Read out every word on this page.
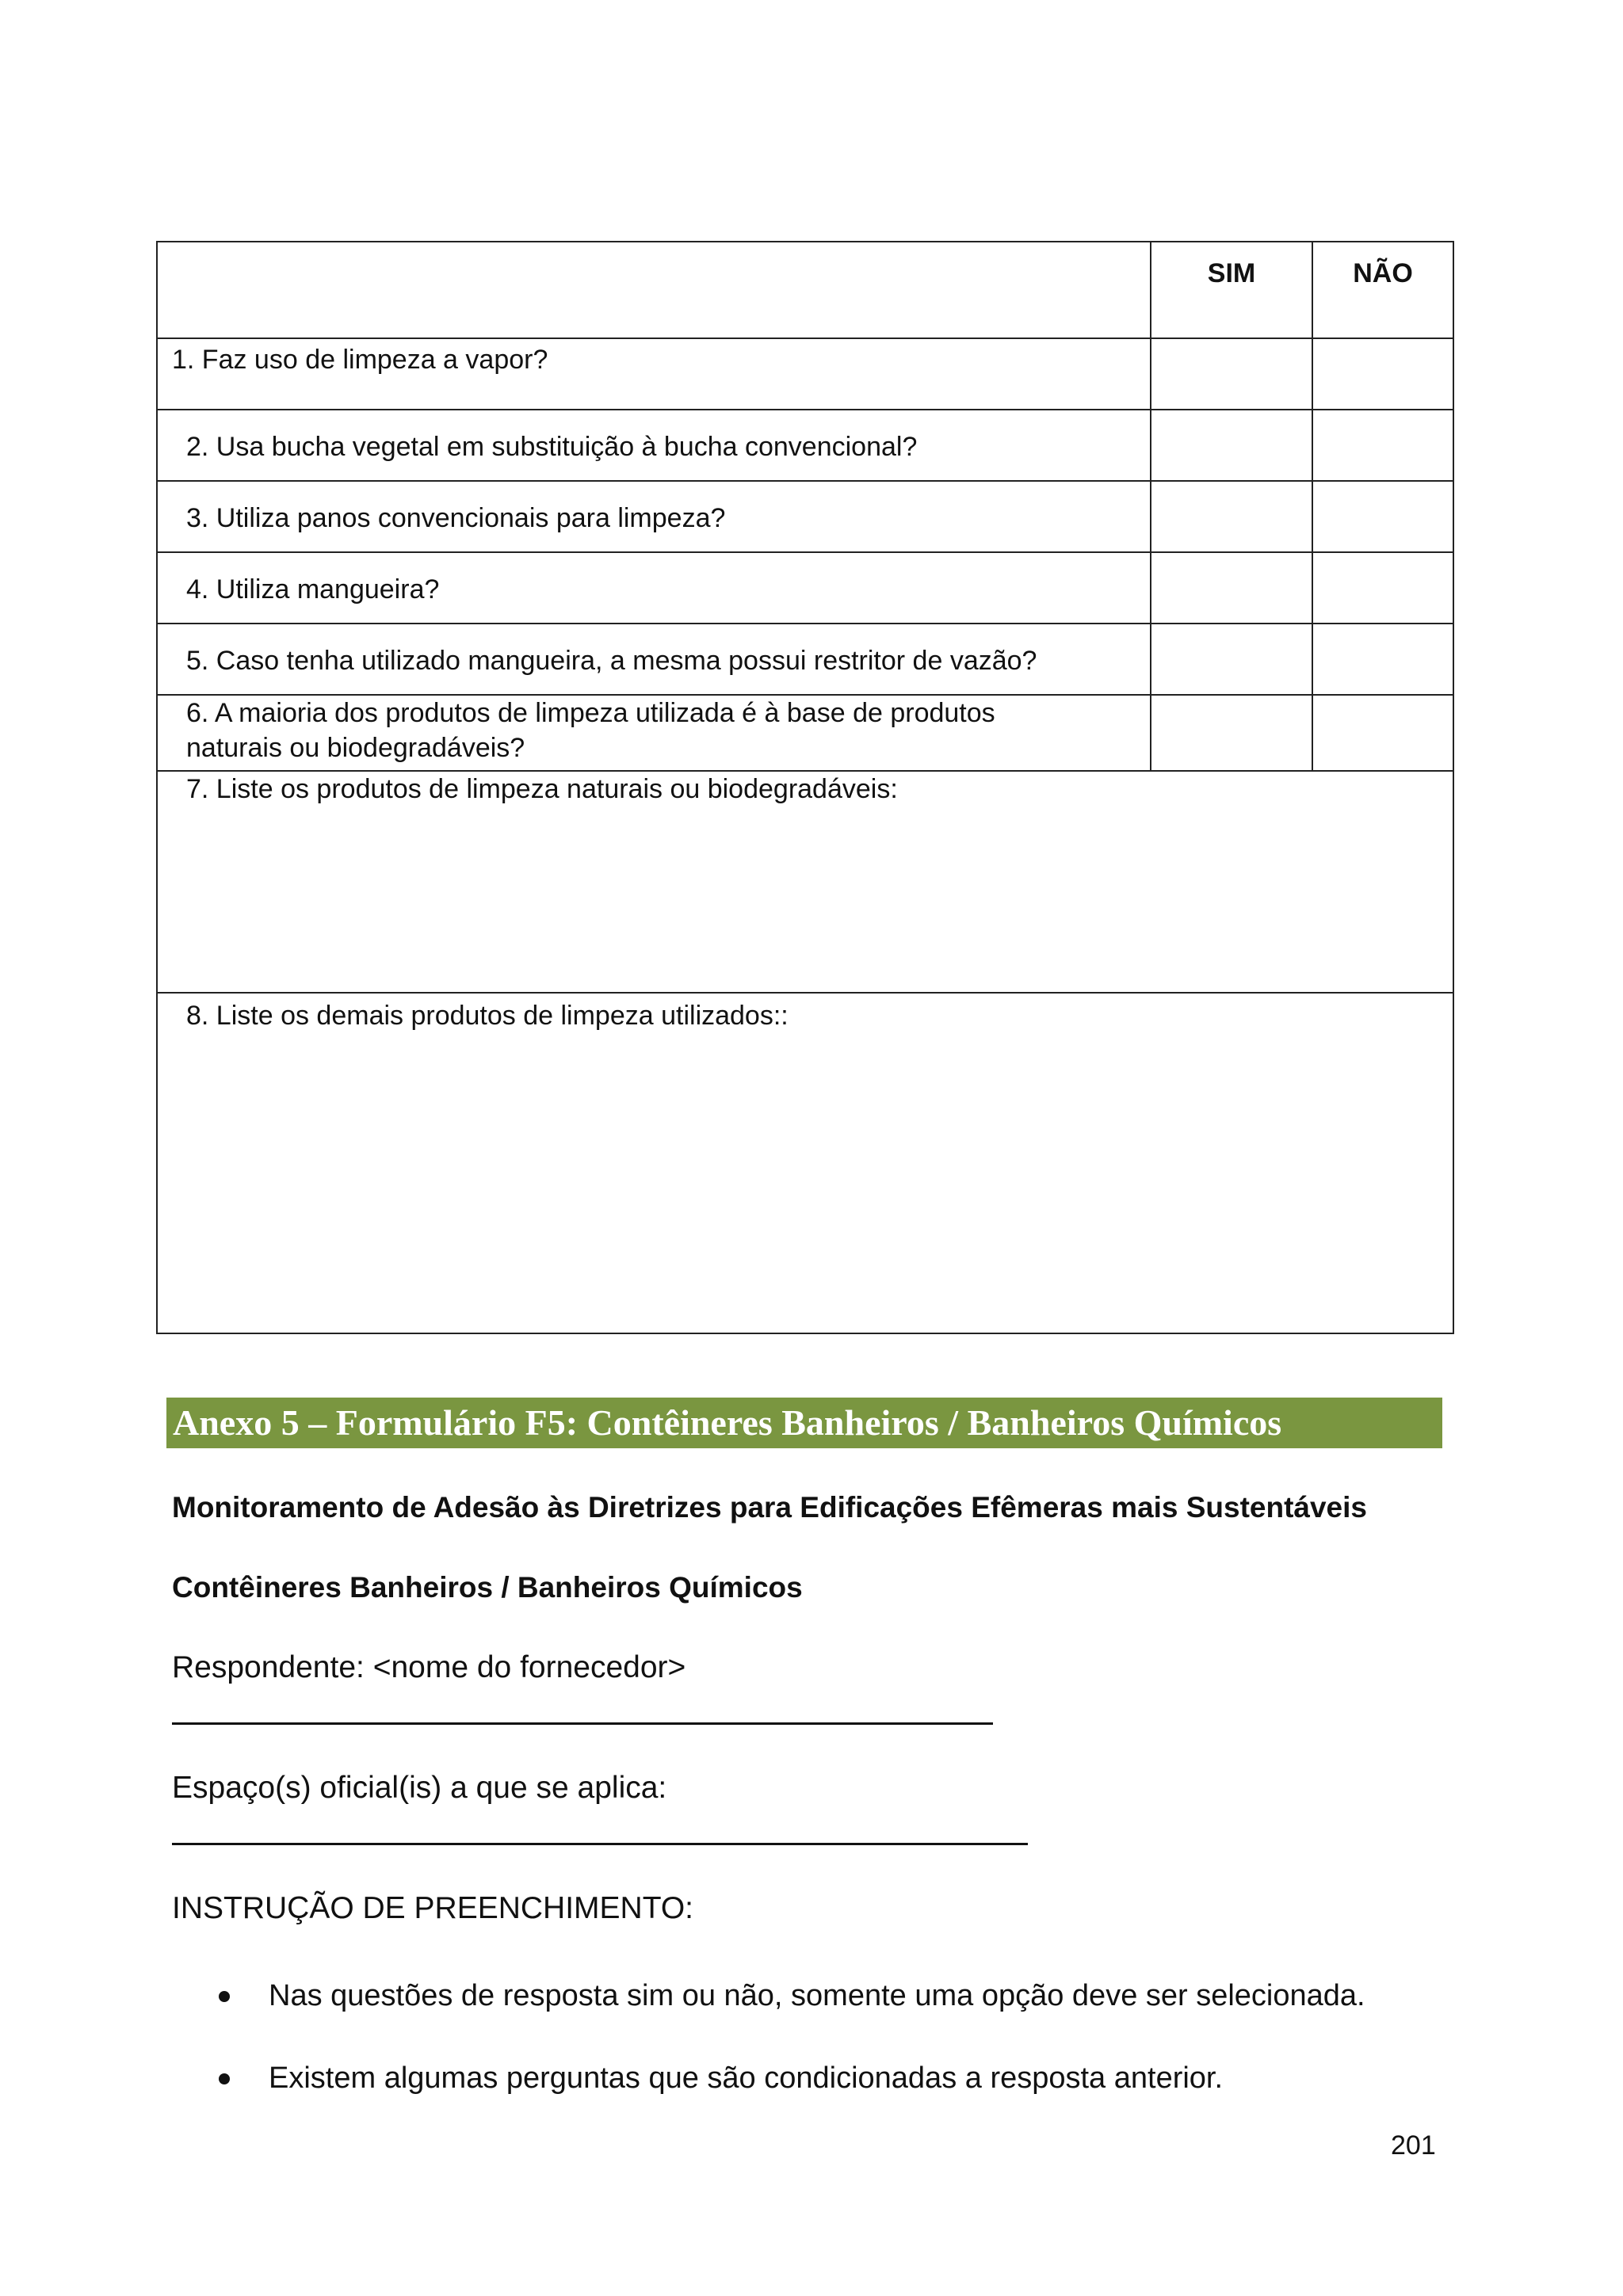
SIM	NÃO
1. Faz uso de limpeza a vapor?
2. Usa bucha vegetal em substituição à bucha convencional?
3. Utiliza panos convencionais para limpeza?
4. Utiliza mangueira?
5. Caso tenha utilizado mangueira, a mesma possui restritor de vazão?
6. A maioria dos produtos de limpeza utilizada é à base de produtos
naturais ou biodegradáveis?
7. Liste os produtos de limpeza naturais ou biodegradáveis:
8. Liste os demais produtos de limpeza utilizados::
Anexo 5 – Formulário F5: Contêineres Banheiros / Banheiros Químicos
Monitoramento de Adesão às Diretrizes para Edificações Efêmeras mais Sustentáveis
Contêineres Banheiros / Banheiros Químicos
Respondente: <nome do fornecedor>
Espaço(s) oficial(is) a que se aplica:
INSTRUÇÃO DE PREENCHIMENTO:
Nas questões de resposta sim ou não, somente uma opção deve ser selecionada.
Existem algumas perguntas que são condicionadas a resposta anterior.
201
